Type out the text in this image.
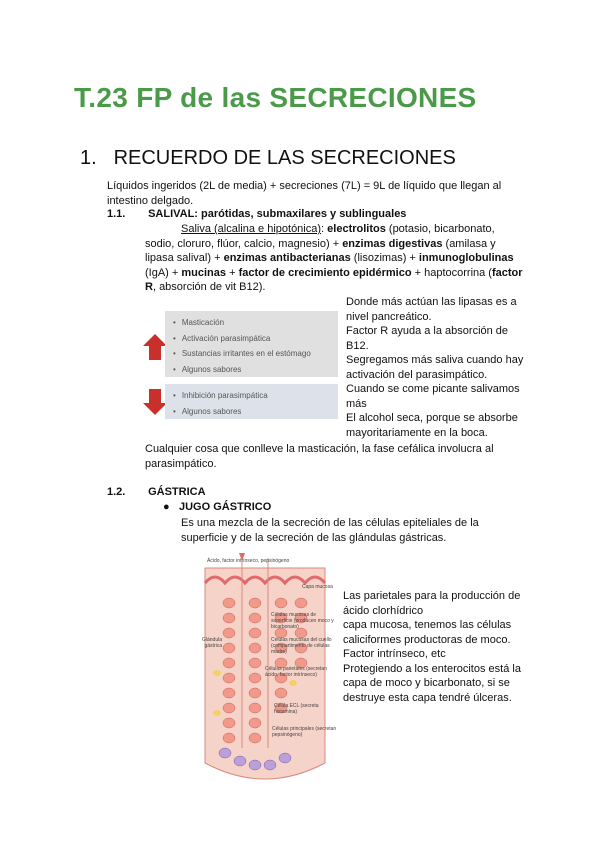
T.23 FP de las SECRECIONES
1. RECUERDO DE LAS SECRECIONES
Líquidos ingeridos (2L de media) + secreciones (7L) = 9L de líquido que llegan al
intestino delgado.
1.1. SALIVAL: parótidas, submaxilares y sublinguales
Saliva (alcalina e hipotónica): electrolitos (potasio, bicarbonato,
sodio, cloruro, flúor, calcio, magnesio) + enzimas digestivas (amilasa y
lipasa salival) + enzimas antibacterianas (lisozimas) + inmunoglobulinas
(IgA) + mucinas + factor de crecimiento epidérmico + haptocorrina (factor
R, absorción de vit B12).
• Masticación
• Activación parasimpática
• Sustancias irritantes en el estómago
• Algunos sabores
• Inhibición parasimpática
• Algunos sabores
Donde más actúan las lipasas es a
nivel pancreático.
Factor R ayuda a la absorción de
B12.
Segregamos más saliva cuando hay
activación del parasimpático.
Cuando se come picante salivamos
más
El alcohol seca, porque se absorbe
mayoritariamente en la boca.
Cualquier cosa que conlleve la masticación, la fase cefálica involucra al
parasimpático.
1.2. GÁSTRICA
● JUGO GÁSTRICO
Es una mezcla de la secreción de las células epiteliales de la
superficie y de la secreción de las glándulas gástricas.
Ácido, factor intrínseco, pepsinógeno
Capa mucosa
Células mucosas de superficie (producen moco y bicarbonato)
Células mucosas del cuello (compartimento de células madre)
Glándula gástrica
Células parietales (secretan ácido, factor intrínseco)
Célula ECL (secreta histamina)
Células principales (secretan pepsinógeno)
Las parietales para la producción de
ácido clorhídrico
capa mucosa, tenemos las células
caliciformes productoras de moco.
Factor intrínseco, etc
Protegiendo a los enterocitos está la
capa de moco y bicarbonato, si se
destruye esta capa tendré úlceras.
